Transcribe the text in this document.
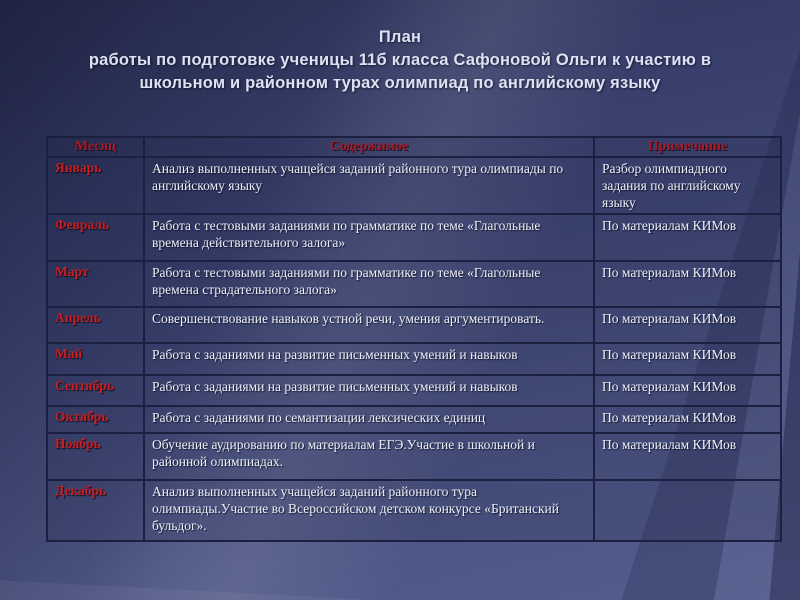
План
работы по подготовке ученицы 11б класса Сафоновой Ольги к участию в
школьном и районном турах олимпиад по английскому языку
Месяц	Содержимое	Примечание
Январь	Анализ выполненных учащейся заданий районного тура олимпиады по английскому языку	Разбор олимпиадного задания по английскому языку
Февраль	Работа с тестовыми заданиями по грамматике по теме «Глагольные времена действительного залога»	По материалам КИМов
Март	Работа с тестовыми заданиями по грамматике по теме «Глагольные времена страдательного залога»	По материалам КИМов
Апрель	Совершенствование навыков устной речи, умения аргументировать.	По материалам КИМов
Май	Работа с заданиями на развитие письменных умений и навыков	По материалам КИМов
Сентябрь	Работа с заданиями на развитие письменных умений и навыков	По материалам КИМов
Октябрь	Работа с заданиями по семантизации лексических единиц	По материалам КИМов
Ноябрь	Обучение аудированию по материалам ЕГЭ.Участие в школьной и районной олимпиадах.	По материалам КИМов
Декабрь	Анализ выполненных учащейся заданий районного тура олимпиады.Участие во Всероссийском детском конкурсе «Британский бульдог».	
